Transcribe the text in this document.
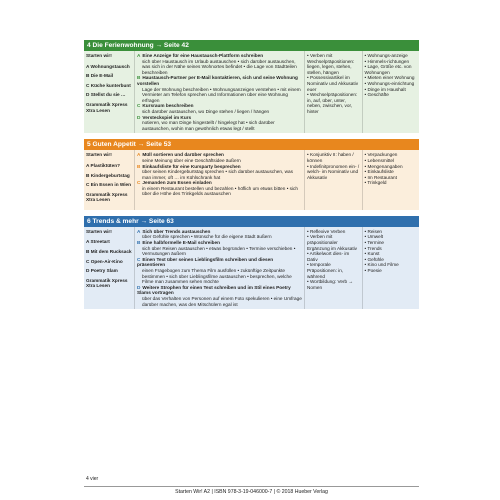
4 Die Ferienwohnung → Seite 42
Starten wir!
A Wohnungstausch
B Die E-Mail
C Küche kunterbunt
D Stellst du sie …
Grammatik Xpress Xtra Lesen
A Eine Anzeige für eine Haustausch-Plattform schreiben
sich über Haustausch im Urlaub austauschen • sich darüber austauschen, was sich in der Nähe seines Wohnortes befindet • die Lage von Stadtteilen beschreiben
B Haustausch-Partner per E-Mail kontaktieren, sich und seine Wohnung vorstellen
Lage der Wohnung beschreiben • Wohnungsanzeigen verstehen • mit einem Vermieter am Telefon sprechen und Informationen über eine Wohnung erfragen
C Kursraum beschreiben
sich darüber austauschen, wo Dinge stehen / liegen / hängen
D Versteckspiel im Kurs
notieren, wo man Dinge hingestellt / hingelegt hat • sich darüber austauschen, wohin man gewöhnlich etwas legt / stellt
• Verben mit Wechselpräpositionen: liegen, legen, stehen, stellen, hängen
• Possessivartikel im Nominativ und Akkusativ euer
• Wechselpräpositionen: in, auf, über, unter, neben, zwischen, vor, hinter
• Wohnungs-anzeige
• Himmels-richtungen
• Lage, Größe etc. von Wohnungen
• Mieten einer Wohnung
• Wohnungs-einrichtung
• Dinge im Haushalt
• Geschäfte
5 Guten Appetit → Seite 53
Starten wir!
A Plastiktüten?
B Kindergeburtstag
C Ein Essen in Wien
Grammatik Xpress Xtra Lesen
A Müll sortieren und darüber sprechen
seine Meinung über eine Geschäftsidee äußern
B Einkaufsliste für eine Kursparty besprechen
über seinen Kindergeburtstag sprechen • sich darüber austauschen, was man immer, oft … im Kühlschrank hat
C Jemanden zum Essen einladen
in einem Restaurant bestellen und bezahlen • höflich um etwas bitten • sich über die Höhe des Trinkgelds austauschen
• Konjunktiv II: haben / können
• Indefinitpronomen ein- / welch- im Nominativ und Akkusativ
• Verpackungen
• Lebensmittel
• Mengenangaben
• Einkaufsliste
• Im Restaurant
• Trinkgeld
6 Trends & mehr → Seite 63
Starten wir!
A Streetart
B Mit dem Rucksack
C Open-Air-Kino
D Poetry Slam
Grammatik Xpress Xtra Lesen
A Sich über Trends austauschen
über Gefühle sprechen • Wünsche für die eigene Stadt äußern
B Eine halbformelle E-Mail schreiben
sich über Reisen austauschen • etwas begründen • Termine verschieben • Vermutungen äußern
C Einen Text über seinen Lieblingsfilm schreiben und diesen präsentieren
einen Fragebogen zum Thema Film ausfüllen • zukünftige Zeitpunkte bestimmen • sich über Lieblingsfilme austauschen • besprechen, welche Filme man zusammen sehen möchte
D Weitere Strophen für einen Text schreiben und im Stil eines Poetry Slams vortragen
über das Verhalten von Personen auf einem Foto spekulieren • eine Umfrage darüber machen, was den Mitschülern egal ist
• Reflexive Verben
• Verben mit präpositionaler Ergänzung im Akkusativ
• Artikelwort dies- im Dativ
• temporale Präpositionen: in, während
• Wortbildung: Verb → Nomen
• Reisen
• Umwelt
• Termine
• Trends
• Kunst
• Gefühle
• Kino und Filme
• Poesie
4 vier
Starten Wir! A2 | ISBN 978-3-19-046000-7 | © 2018 Hueber Verlag
